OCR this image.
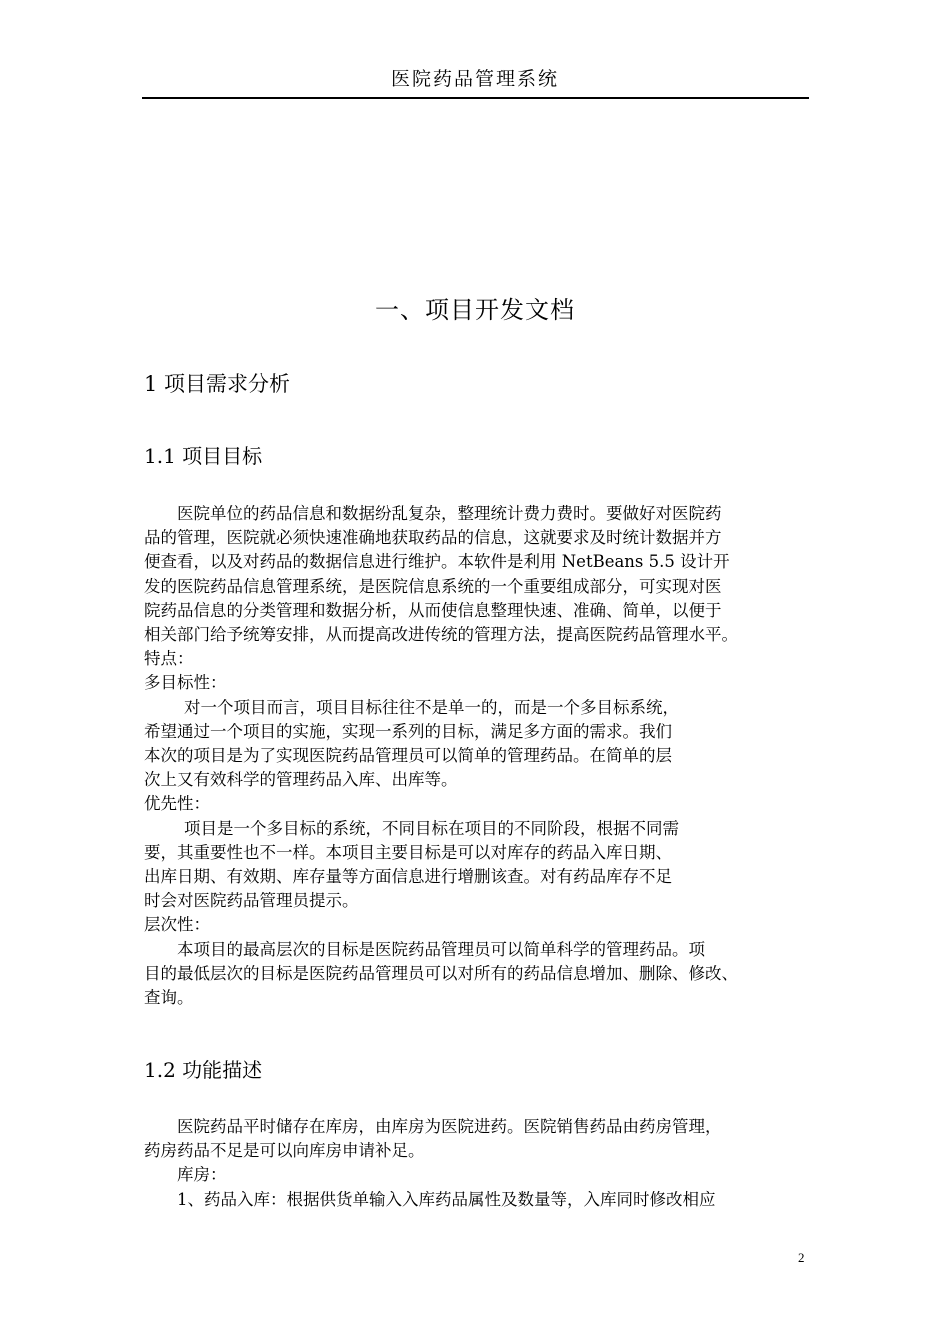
医院药品管理系统
一、项目开发文档
1 项目需求分析
1.1 项目目标

医院单位的药品信息和数据纷乱复杂，整理统计费力费时。要做好对医院药

品的管理，医院就必须快速准确地获取药品的信息，这就要求及时统计数据并方

便查看，以及对药品的数据信息进行维护。本软件是利用 NetBeans 5.5 设计开

发的医院药品信息管理系统，是医院信息系统的一个重要组成部分，可实现对医

院药品信息的分类管理和数据分析，从而使信息整理快速、准确、简单，以便于

相关部门给予统筹安排，从而提高改进传统的管理方法，提高医院药品管理水平。

特点：

多目标性：

对一个项目而言，项目目标往往不是单一的，而是一个多目标系统，

希望通过一个项目的实施，实现一系列的目标，满足多方面的需求。我们

本次的项目是为了实现医院药品管理员可以简单的管理药品。在简单的层

次上又有效科学的管理药品入库、出库等。

优先性：

项目是一个多目标的系统，不同目标在项目的不同阶段，根据不同需

要，其重要性也不一样。本项目主要目标是可以对库存的药品入库日期、

出库日期、有效期、库存量等方面信息进行增删该查。对有药品库存不足

时会对医院药品管理员提示。

层次性：

本项目的最高层次的目标是医院药品管理员可以简单科学的管理药品。项

目的最低层次的目标是医院药品管理员可以对所有的药品信息增加、删除、修改、

查询。

1.2 功能描述

医院药品平时储存在库房，由库房为医院进药。医院销售药品由药房管理，

药房药品不足是可以向库房申请补足。

库房：

1、药品入库：根据供货单输入入库药品属性及数量等，入库同时修改相应

2
